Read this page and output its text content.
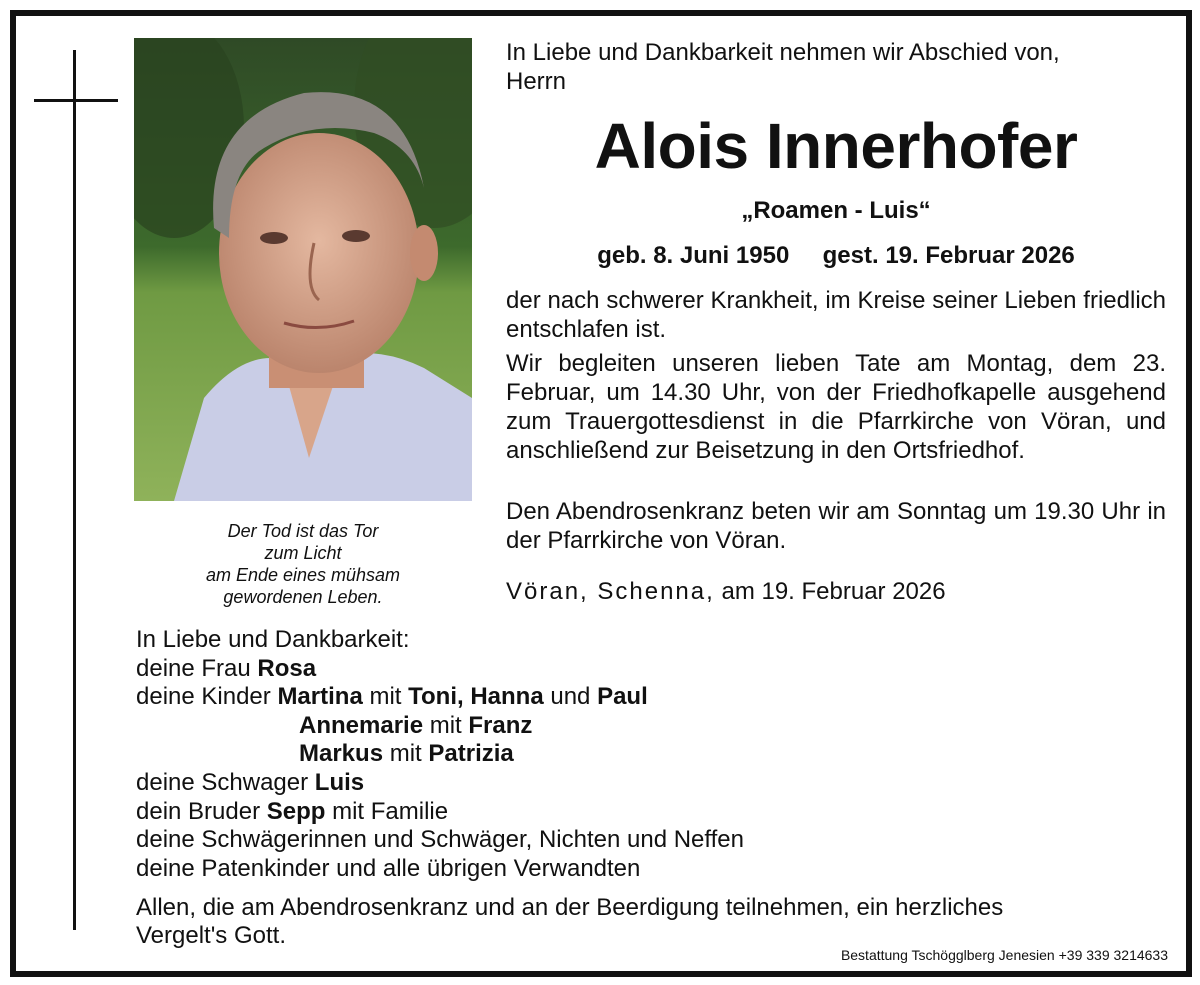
Der Tod ist das Tor
zum Licht
am Ende eines mühsam
gewordenen Leben.
In Liebe und Dankbarkeit nehmen wir Abschied von,
Herrn
Alois Innerhofer
„Roamen - Luis“
geb. 8. Juni 1950 gest. 19. Februar 2026
der nach schwerer Krankheit, im Kreise seiner Lieben friedlich entschlafen ist.
Wir begleiten unseren lieben Tate am Montag, dem 23. Februar, um 14.30 Uhr, von der Friedhofkapelle ausgehend zum Trauergottesdienst in die Pfarrkirche von Vöran, und anschließend zur Beisetzung in den Ortsfriedhof.
Den Abendrosenkranz beten wir am Sonntag um 19.30 Uhr in der Pfarrkirche von Vöran.
Vöran, Schenna, am 19. Februar 2026
In Liebe und Dankbarkeit:
deine Frau Rosa
deine Kinder Martina mit Toni, Hanna und Paul
Annemarie mit Franz
Markus mit Patrizia
deine Schwager Luis
dein Bruder Sepp mit Familie
deine Schwägerinnen und Schwäger, Nichten und Neffen
deine Patenkinder und alle übrigen Verwandten
Allen, die am Abendrosenkranz und an der Beerdigung teilnehmen, ein herzliches
Vergelt's Gott.
Bestattung Tschögglberg Jenesien +39 339 3214633
